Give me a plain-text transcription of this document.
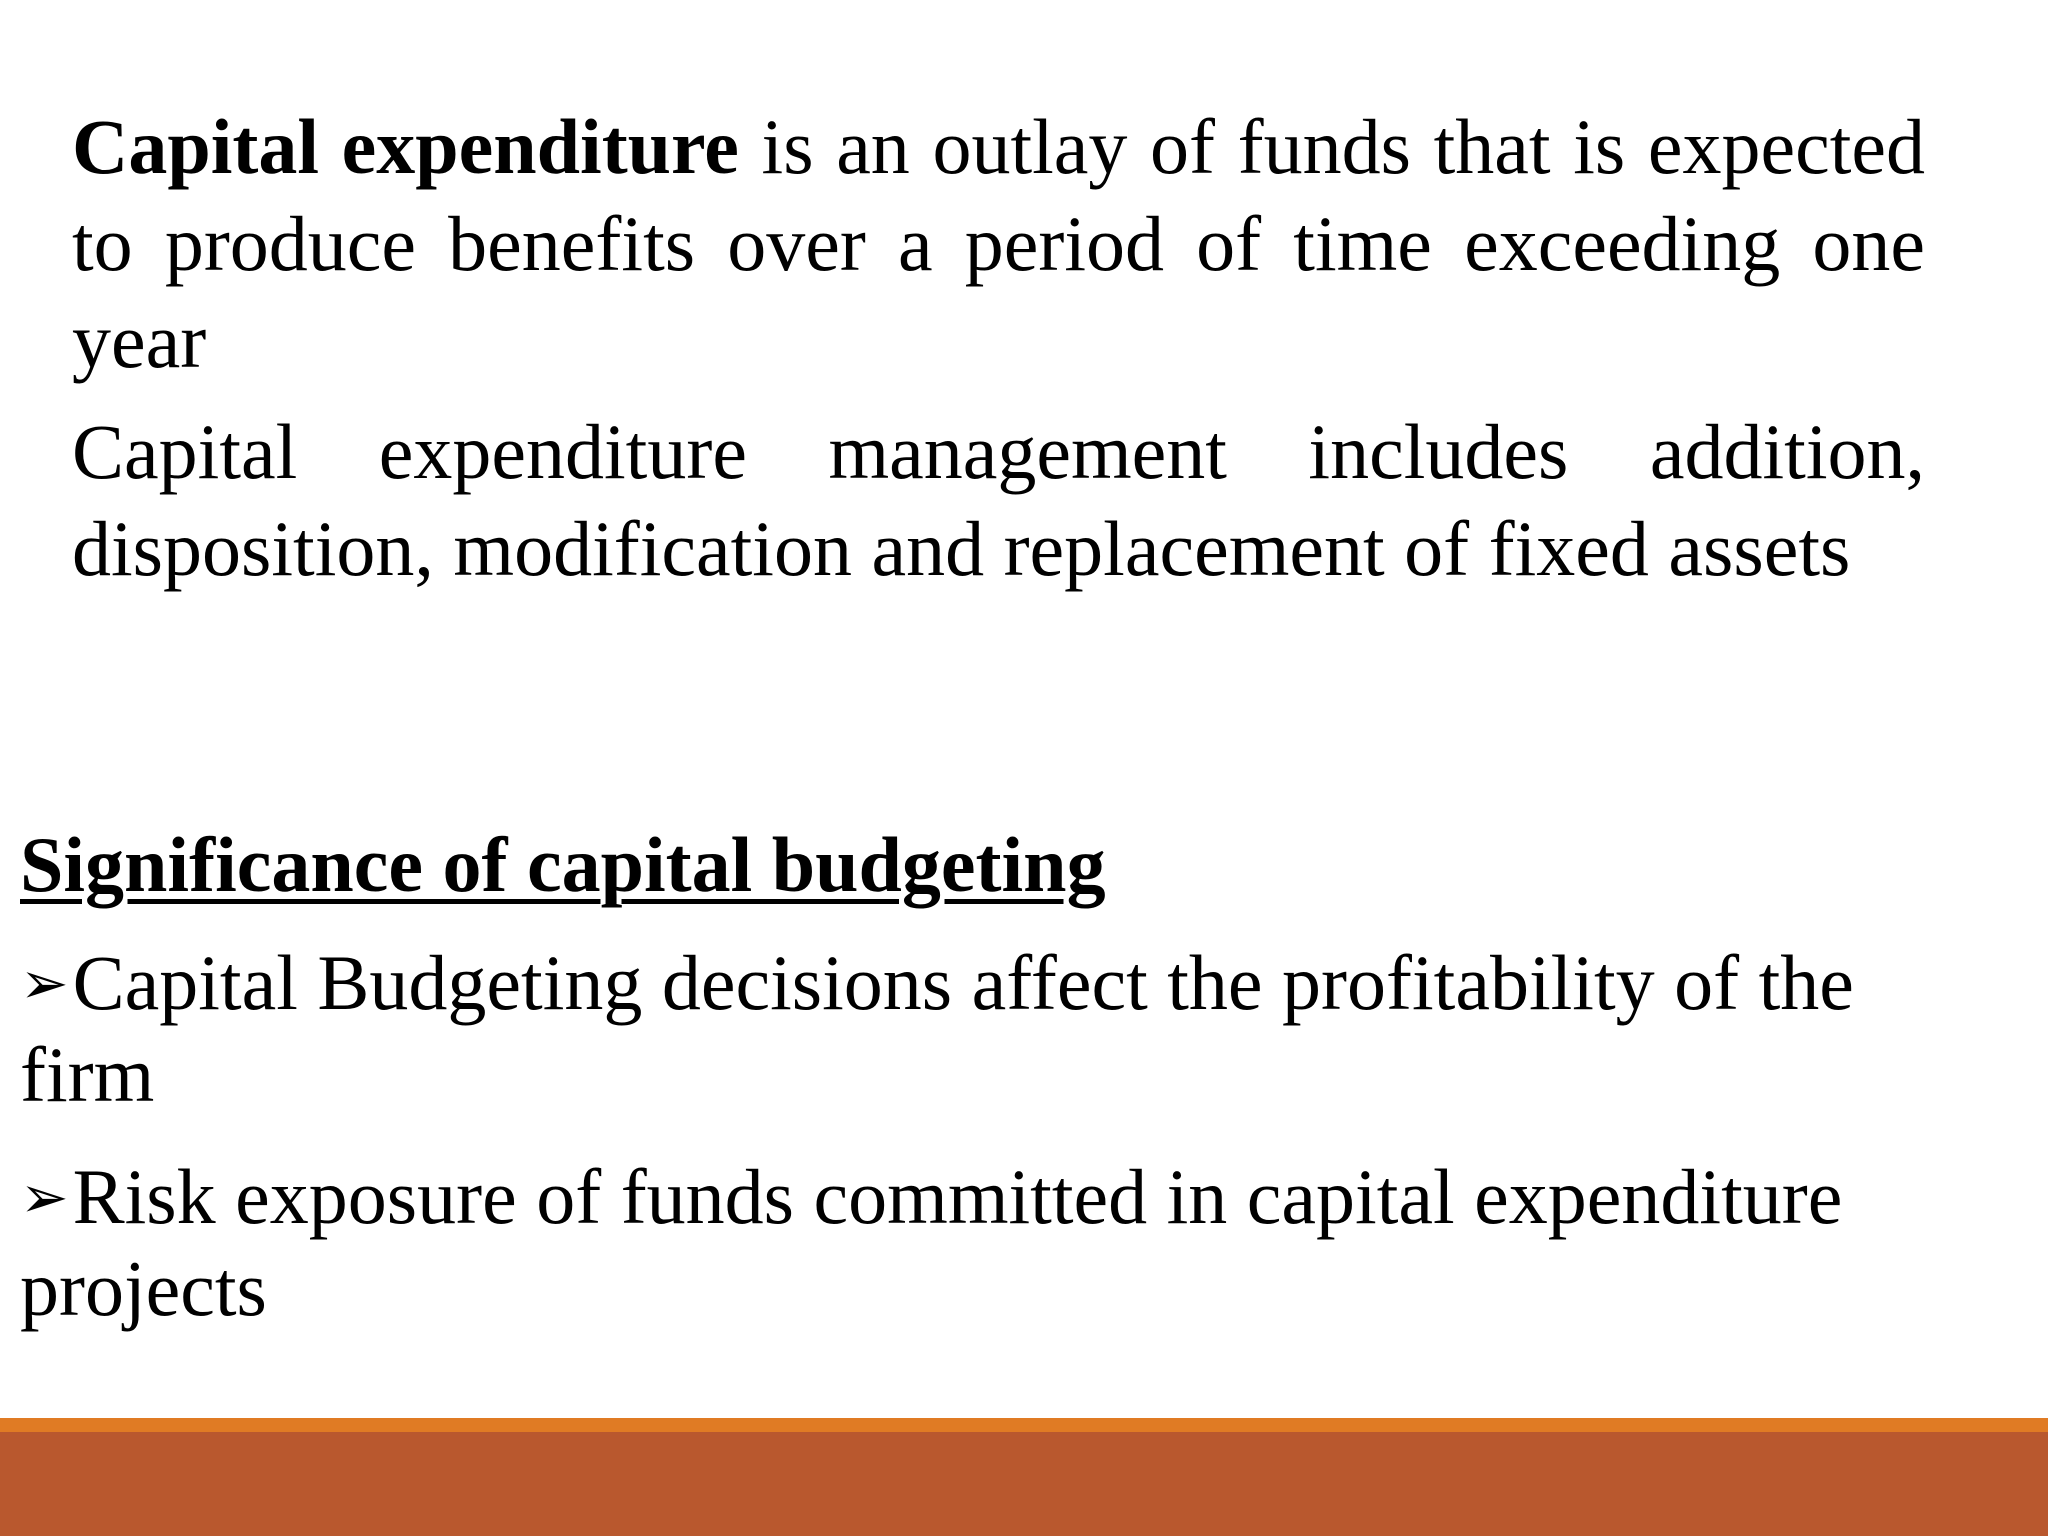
Capital expenditure is an outlay of funds that is expected to produce benefits over a period of time exceeding one year

Capital expenditure management includes addition, disposition, modification and replacement of fixed assets

Significance of capital budgeting

➢Capital Budgeting decisions affect the profitability of the firm

➢Risk exposure of funds committed in capital expenditure projects
